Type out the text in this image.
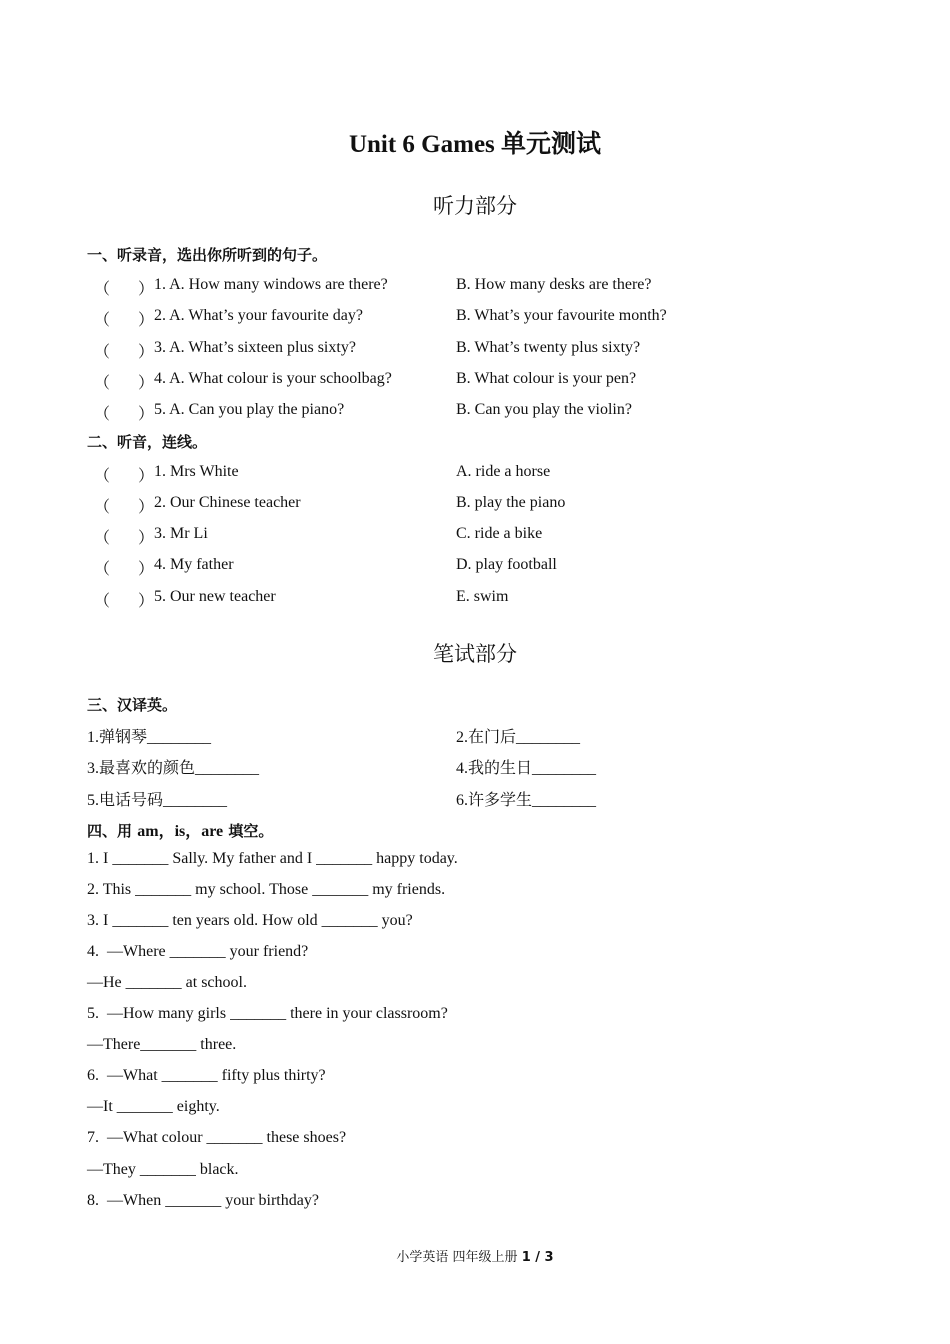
Unit 6 Games 单元测试
听力部分
一、听录音，选出你所听到的句子。
（ ） 1. A. How many windows are there?	B. How many desks are there?
（ ） 2. A. What’s your favourite day?	B. What’s your favourite month?
（ ） 3. A. What’s sixteen plus sixty?	B. What’s twenty plus sixty?
（ ） 4. A. What colour is your schoolbag?	B. What colour is your pen?
（ ） 5. A. Can you play the piano?	B. Can you play the violin?
二、听音，连线。
（ ） 1. Mrs White	A. ride a horse
（ ） 2. Our Chinese teacher	B. play the piano
（ ） 3. Mr Li	C. ride a bike
（ ） 4. My father	D. play football
（ ） 5. Our new teacher	E. swim
笔试部分
三、汉译英。
1.弹钢琴________	2.在门后________
3.最喜欢的颜色________	4.我的生日________
5.电话号码________	6.许多学生________
四、用 am，is，are 填空。
1. I _______ Sally. My father and I _______ happy today.
2. This _______ my school. Those _______ my friends.
3. I _______ ten years old. How old _______ you?
4.  —Where _______ your friend?
—He _______ at school.
5.  —How many girls _______ there in your classroom?
—There_______ three.
6.  —What _______ fifty plus thirty?
—It _______ eighty.
7.  —What colour _______ these shoes?
—They _______ black.
8.  —When _______ your birthday?
小学英语 四年级上册 1 / 3
